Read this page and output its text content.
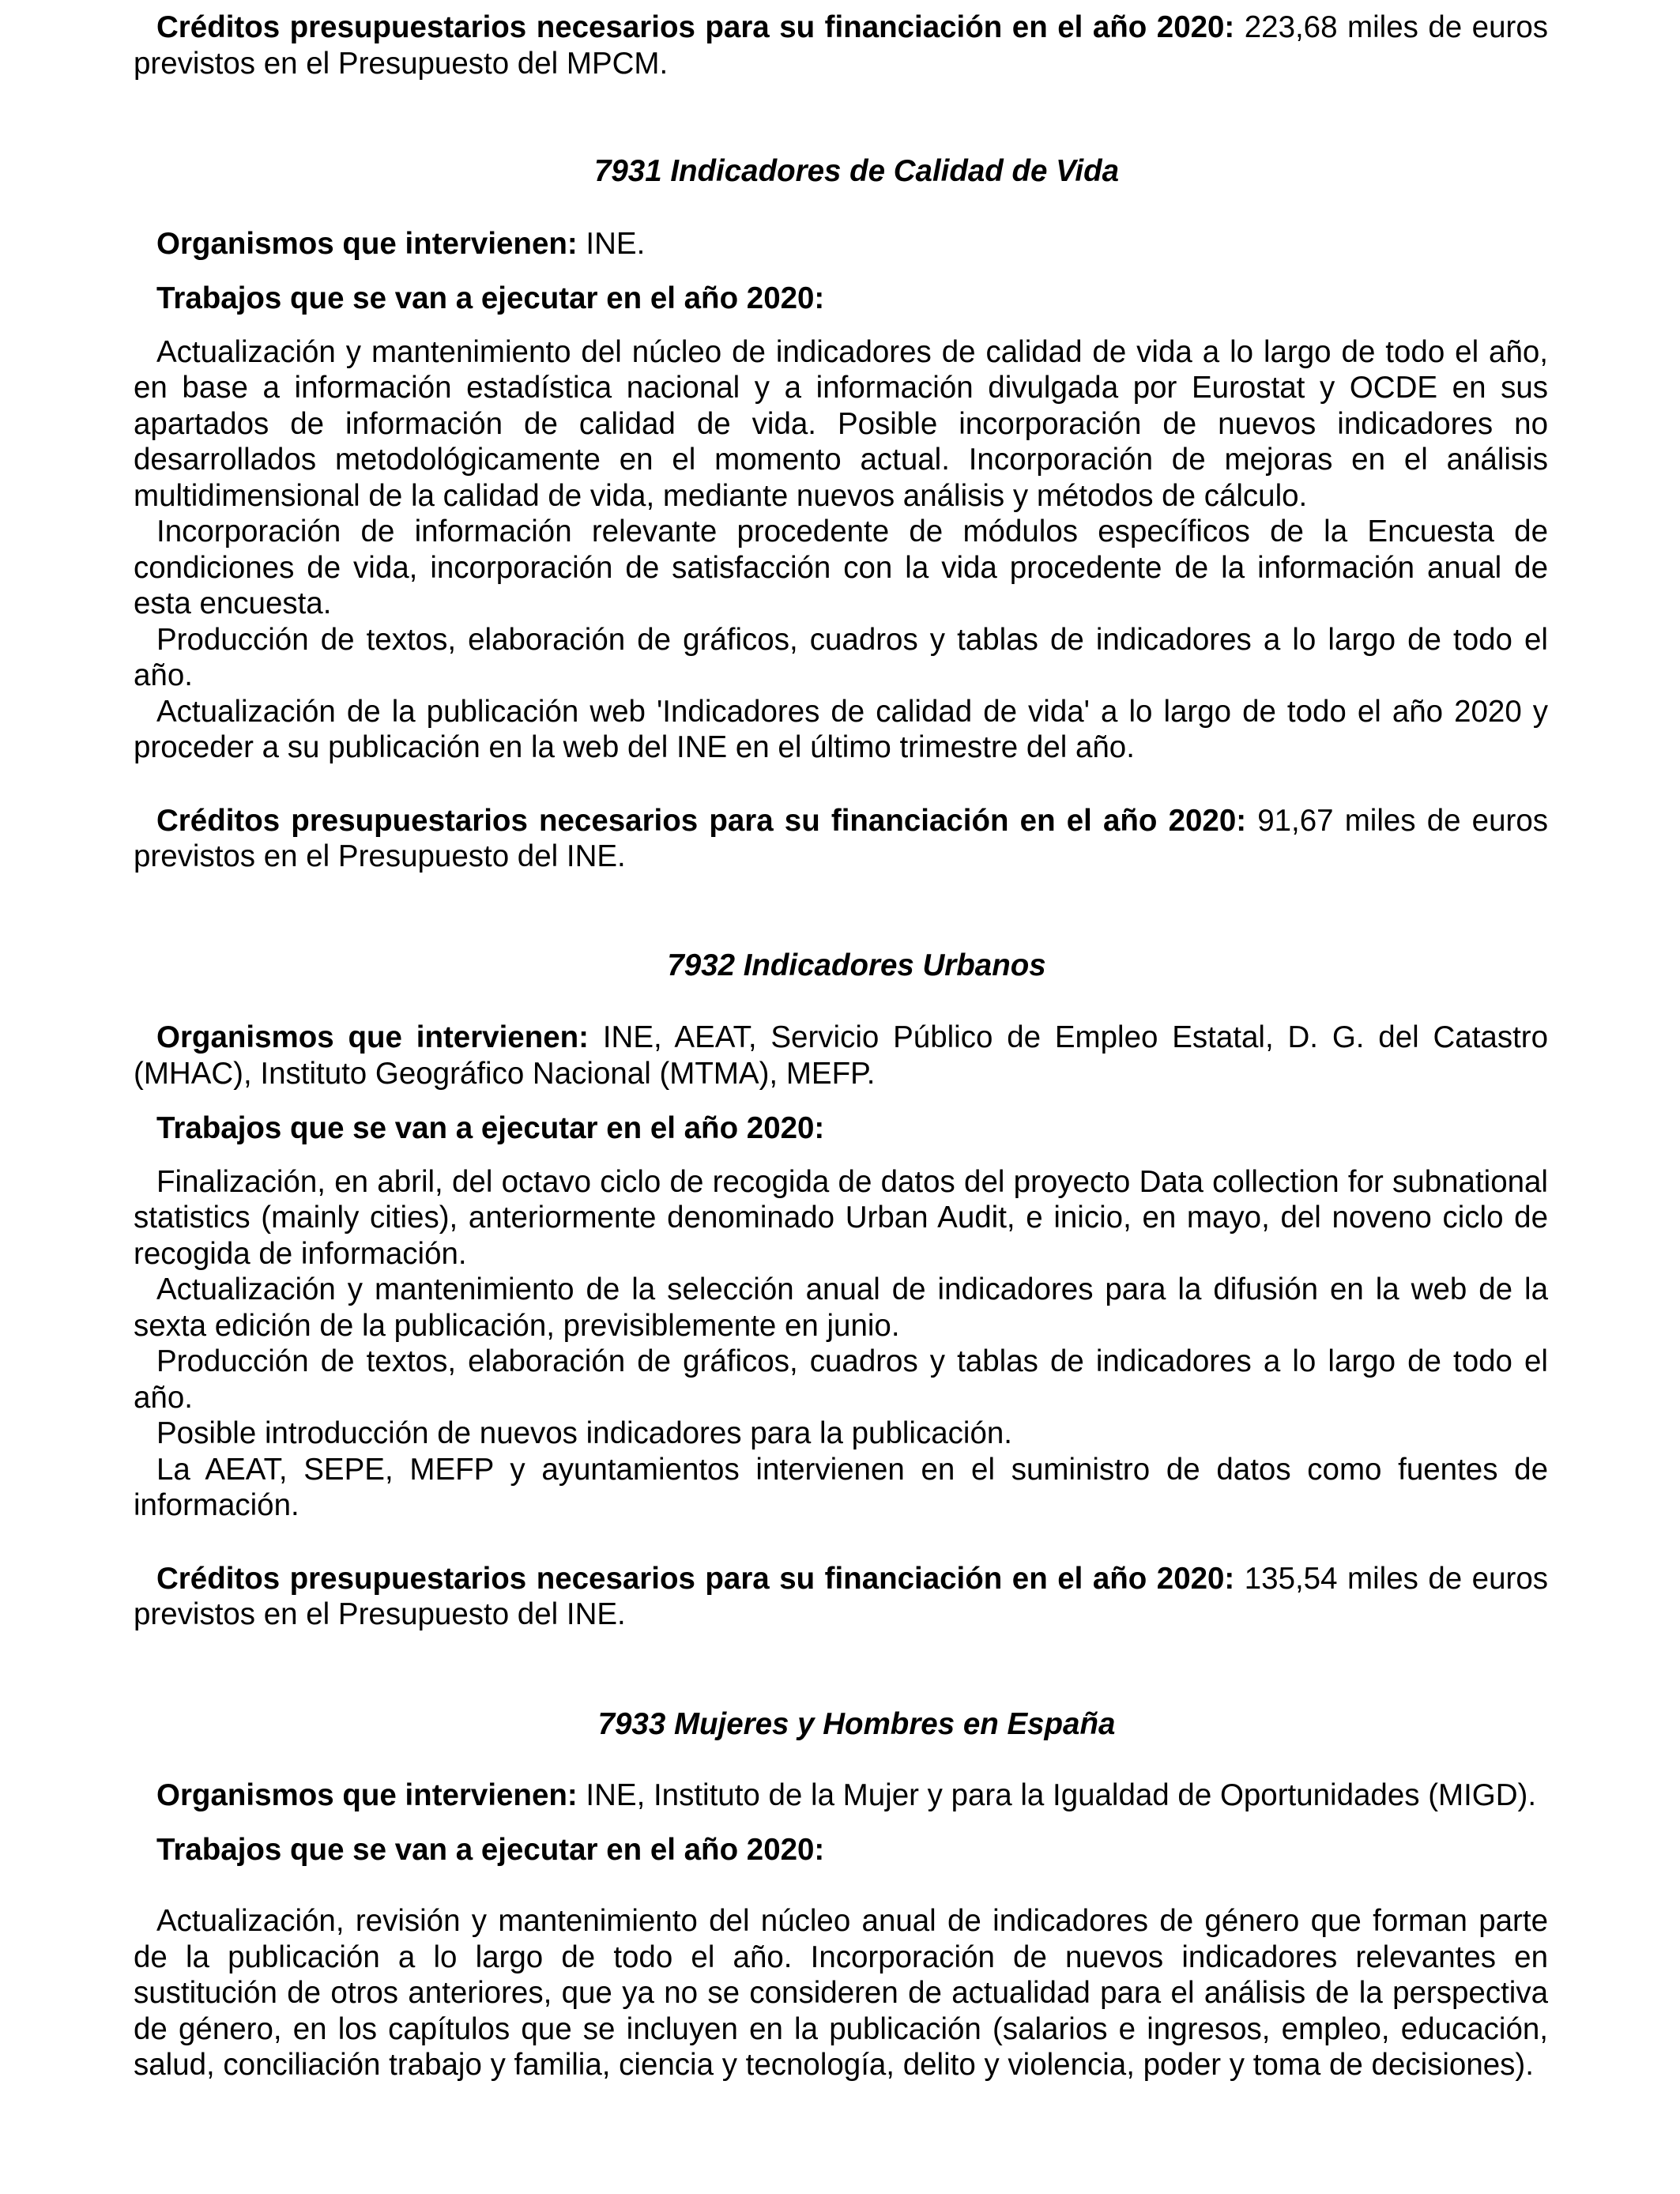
Créditos presupuestarios necesarios para su financiación en el año 2020: 223,68 miles de euros previstos en el Presupuesto del MPCM.

7931 Indicadores de Calidad de Vida

Organismos que intervienen: INE.

Trabajos que se van a ejecutar en el año 2020:

Actualización y mantenimiento del núcleo de indicadores de calidad de vida a lo largo de todo el año, en base a información estadística nacional y a información divulgada por Eurostat y OCDE en sus apartados de información de calidad de vida. Posible incorporación de nuevos indicadores no desarrollados metodológicamente en el momento actual. Incorporación de mejoras en el análisis multidimensional de la calidad de vida, mediante nuevos análisis y métodos de cálculo.

Incorporación de información relevante procedente de módulos específicos de la Encuesta de condiciones de vida, incorporación de satisfacción con la vida procedente de la información anual de esta encuesta.

Producción de textos, elaboración de gráficos, cuadros y tablas de indicadores a lo largo de todo el año.

Actualización de la publicación web 'Indicadores de calidad de vida' a lo largo de todo el año 2020 y proceder a su publicación en la web del INE en el último trimestre del año.

Créditos presupuestarios necesarios para su financiación en el año 2020: 91,67 miles de euros previstos en el Presupuesto del INE.

7932 Indicadores Urbanos

Organismos que intervienen: INE, AEAT, Servicio Público de Empleo Estatal, D. G. del Catastro (MHAC), Instituto Geográfico Nacional (MTMA), MEFP.

Trabajos que se van a ejecutar en el año 2020:

Finalización, en abril, del octavo ciclo de recogida de datos del proyecto Data collection for subnational statistics (mainly cities), anteriormente denominado Urban Audit, e inicio, en mayo, del noveno ciclo de recogida de información.

Actualización y mantenimiento de la selección anual de indicadores para la difusión en la web de la sexta edición de la publicación, previsiblemente en junio.

Producción de textos, elaboración de gráficos, cuadros y tablas de indicadores a lo largo de todo el año.

Posible introducción de nuevos indicadores para la publicación.

La AEAT, SEPE, MEFP y ayuntamientos intervienen en el suministro de datos como fuentes de información.

Créditos presupuestarios necesarios para su financiación en el año 2020: 135,54 miles de euros previstos en el Presupuesto del INE.

7933 Mujeres y Hombres en España

Organismos que intervienen: INE, Instituto de la Mujer y para la Igualdad de Oportunidades (MIGD).

Trabajos que se van a ejecutar en el año 2020:

Actualización, revisión y mantenimiento del núcleo anual de indicadores de género que forman parte de la publicación a lo largo de todo el año. Incorporación de nuevos indicadores relevantes en sustitución de otros anteriores, que ya no se consideren de actualidad para el análisis de la perspectiva de género, en los capítulos que se incluyen en la publicación (salarios e ingresos, empleo, educación, salud, conciliación trabajo y familia, ciencia y tecnología, delito y violencia, poder y toma de decisiones).
